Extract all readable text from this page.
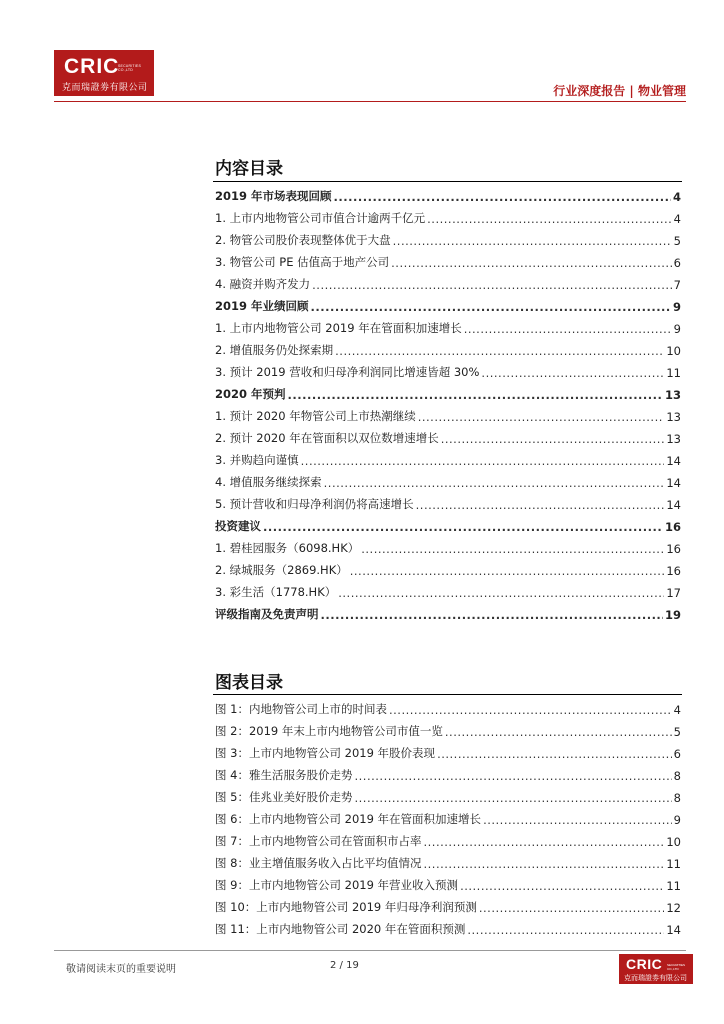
CRIC
SECURITIES CO.,LTD
克而瑞證劵有限公司	行业深度报告 | 物业管理
内容目录
2019 年市场表现回顾 .....	4
1. 上市内地物管公司市值合计逾两千亿元 .....	4
2. 物管公司股价表现整体优于大盘 .....	5
3. 物管公司 PE 估值高于地产公司 .....	6
4. 融资并购齐发力 .....	7
2019 年业绩回顾 .....	9
1. 上市内地物管公司 2019 年在管面积加速增长 .....	9
2. 增值服务仍处探索期 .....	10
3. 预计 2019 营收和归母净利润同比增速皆超 30% .....	11
2020 年预判 .....	13
1. 预计 2020 年物管公司上市热潮继续 .....	13
2. 预计 2020 年在管面积以双位数增速增长 .....	13
3. 并购趋向谨慎 .....	14
4. 增值服务继续探索 .....	14
5. 预计营收和归母净利润仍将高速增长 .....	14
投资建议 .....	16
1. 碧桂园服务（6098.HK） .....	16
2. 绿城服务（2869.HK） .....	16
3. 彩生活（1778.HK） .....	17
评级指南及免责声明 .....	19
图表目录
图 1：内地物管公司上市的时间表 .....	4
图 2：2019 年末上市内地物管公司市值一览 .....	5
图 3：上市内地物管公司 2019 年股价表现 .....	6
图 4：雅生活服务股价走势 .....	8
图 5：佳兆业美好股价走势 .....	8
图 6：上市内地物管公司 2019 年在管面积加速增长 .....	9
图 7：上市内地物管公司在管面积市占率 .....	10
图 8：业主增值服务收入占比平均值情况 .....	11
图 9：上市内地物管公司 2019 年营业收入预测 .....	11
图 10：上市内地物管公司 2019 年归母净利润预测 .....	12
图 11：上市内地物管公司 2020 年在管面积预测 .....	14
敬请阅读末页的重要说明	2 / 19	CRIC SECURITIES CO.,LTD
克而瑞證劵有限公司
